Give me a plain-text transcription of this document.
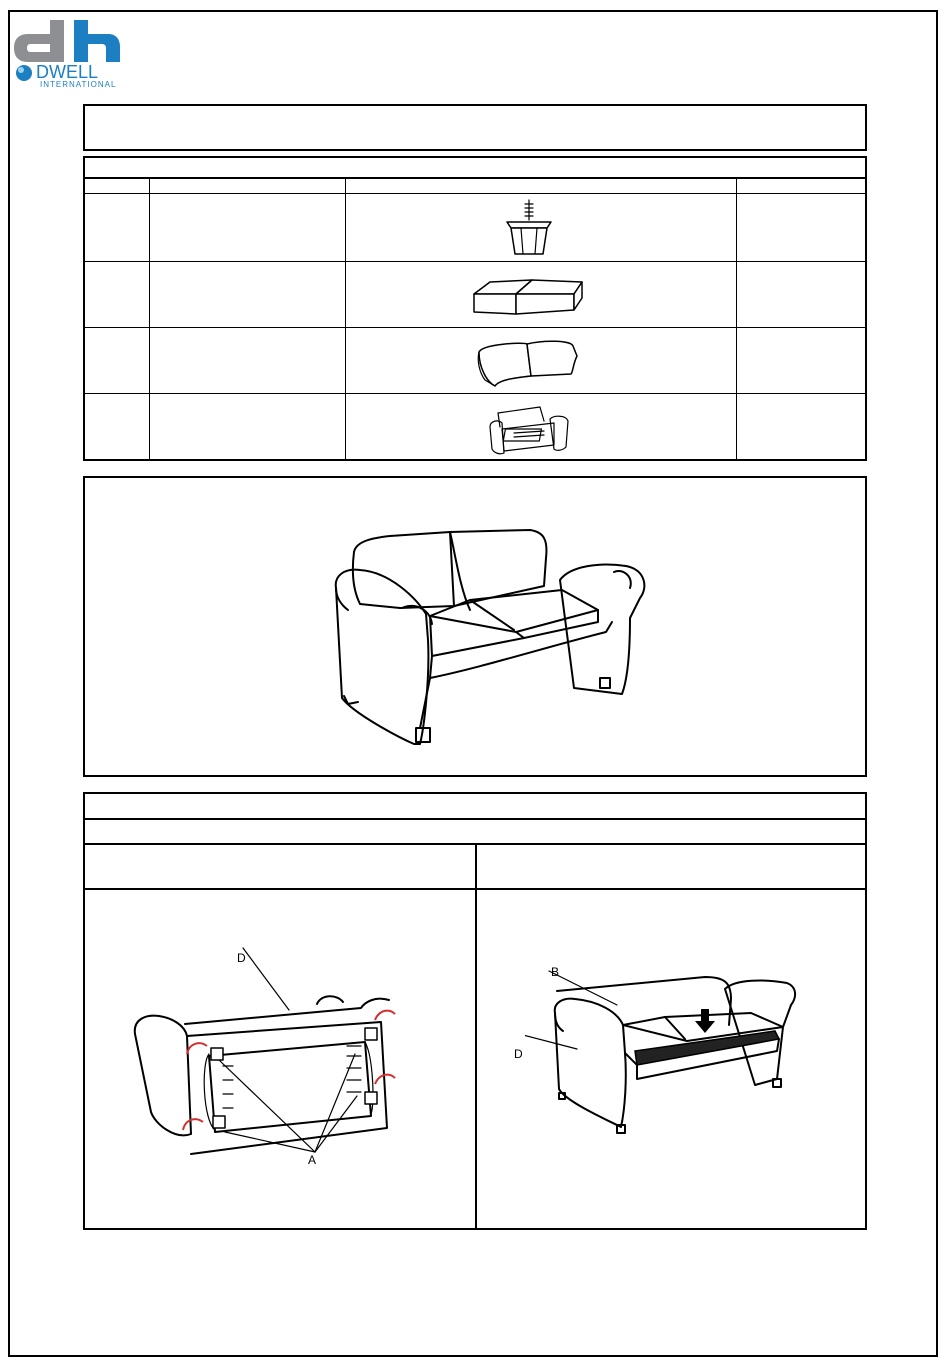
DWELL
INTERNATIONAL
D
A
B
D
